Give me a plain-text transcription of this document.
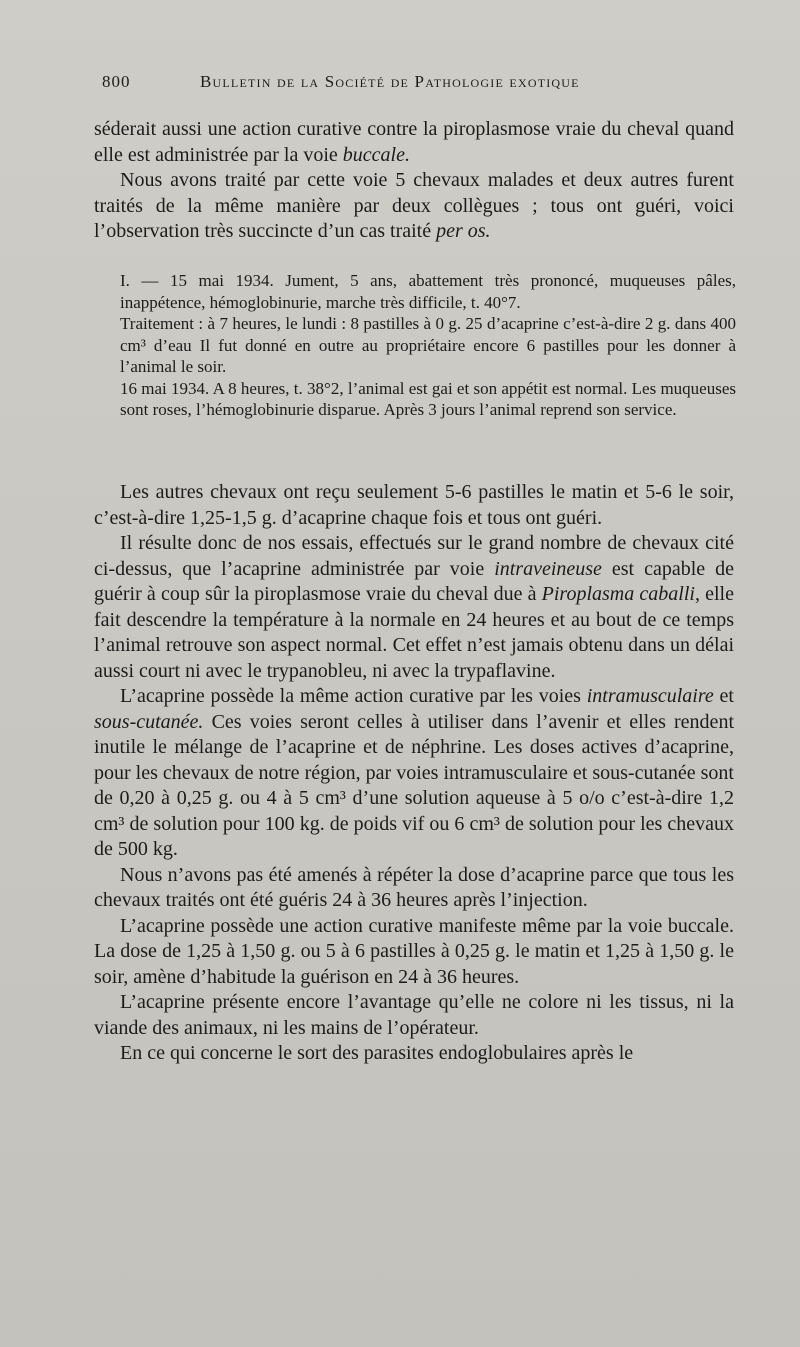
800	Bulletin de la Société de Pathologie exotique

séderait aussi une action curative contre la piroplasmose vraie du cheval quand elle est administrée par la voie buccale.

Nous avons traité par cette voie 5 chevaux malades et deux autres furent traités de la même manière par deux collègues ; tous ont guéri, voici l’observation très succincte d’un cas traité per os.

I. — 15 mai 1934. Jument, 5 ans, abattement très prononcé, muqueuses pâles, inappétence, hémoglobinurie, marche très difficile, t. 40°7.

Traitement : à 7 heures, le lundi : 8 pastilles à 0 g. 25 d’acaprine c’est-à-dire 2 g. dans 400 cm³ d’eau Il fut donné en outre au propriétaire encore 6 pastilles pour les donner à l’animal le soir.

16 mai 1934. A 8 heures, t. 38°2, l’animal est gai et son appétit est normal. Les muqueuses sont roses, l’hémoglobinurie disparue. Après 3 jours l’animal reprend son service.

Les autres chevaux ont reçu seulement 5-6 pastilles le matin et 5-6 le soir, c’est-à-dire 1,25-1,5 g. d’acaprine chaque fois et tous ont guéri.

Il résulte donc de nos essais, effectués sur le grand nombre de chevaux cité ci-dessus, que l’acaprine administrée par voie intraveineuse est capable de guérir à coup sûr la piroplasmose vraie du cheval due à Piroplasma caballi, elle fait descendre la température à la normale en 24 heures et au bout de ce temps l’animal retrouve son aspect normal. Cet effet n’est jamais obtenu dans un délai aussi court ni avec le trypanobleu, ni avec la trypaflavine.

L’acaprine possède la même action curative par les voies intramusculaire et sous-cutanée. Ces voies seront celles à utiliser dans l’avenir et elles rendent inutile le mélange de l’acaprine et de néphrine. Les doses actives d’acaprine, pour les chevaux de notre région, par voies intramusculaire et sous-cutanée sont de 0,20 à 0,25 g. ou 4 à 5 cm³ d’une solution aqueuse à 5 o/o c’est-à-dire 1,2 cm³ de solution pour 100 kg. de poids vif ou 6 cm³ de solution pour les chevaux de 500 kg.

Nous n’avons pas été amenés à répéter la dose d’acaprine parce que tous les chevaux traités ont été guéris 24 à 36 heures après l’injection.

L’acaprine possède une action curative manifeste même par la voie buccale. La dose de 1,25 à 1,50 g. ou 5 à 6 pastilles à 0,25 g. le matin et 1,25 à 1,50 g. le soir, amène d’habitude la guérison en 24 à 36 heures.

L’acaprine présente encore l’avantage qu’elle ne colore ni les tissus, ni la viande des animaux, ni les mains de l’opérateur.

En ce qui concerne le sort des parasites endoglobulaires après le
